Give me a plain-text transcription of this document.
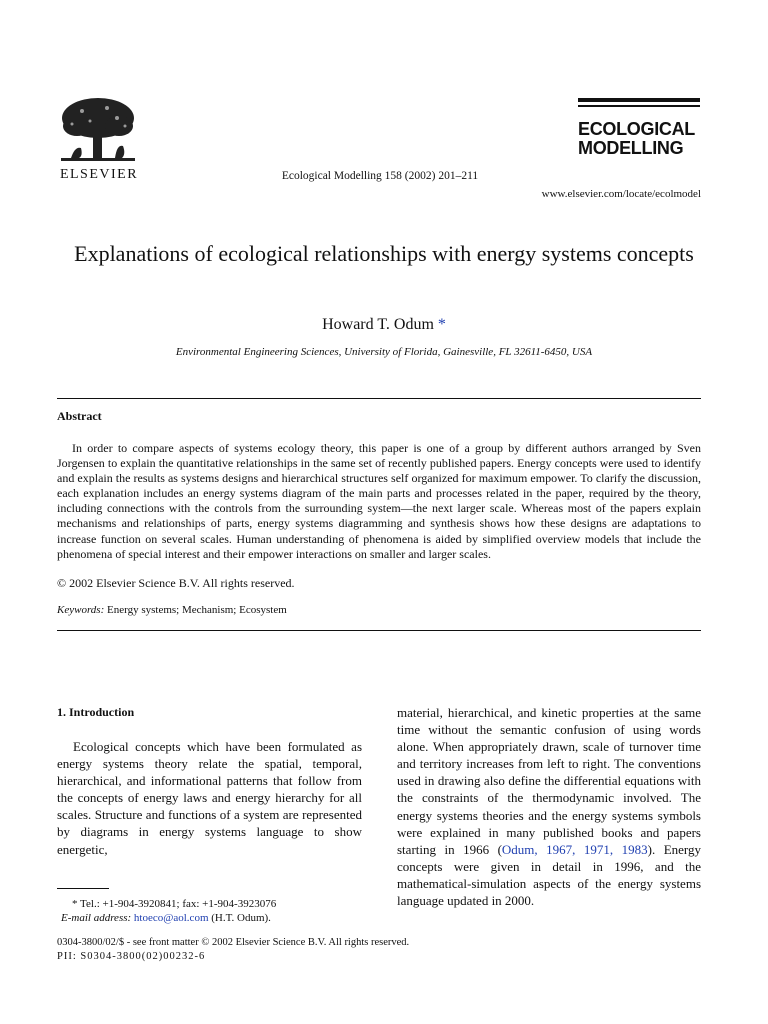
ELSEVIER	Ecological Modelling 158 (2002) 201–211
ECOLOGICAL
MODELLING
www.elsevier.com/locate/ecolmodel
Explanations of ecological relationships with energy systems concepts
Howard T. Odum *
Environmental Engineering Sciences, University of Florida, Gainesville, FL 32611-6450, USA
Abstract

In order to compare aspects of systems ecology theory, this paper is one of a group by different authors arranged by Sven Jorgensen to explain the quantitative relationships in the same set of recently published papers. Energy concepts were used to identify and explain the results as systems designs and hierarchical structures self organized for maximum empower. To clarify the discussion, each explanation includes an energy systems diagram of the main parts and processes related in the paper, required by the theory, including connections with the controls from the surrounding system—the next larger scale. Whereas most of the papers explain mechanisms and relationships of parts, energy systems diagramming and synthesis shows how these designs are adaptations to increase function on several scales. Human understanding of phenomena is aided by simplified overview models that include the phenomena of special interest and their empower interactions on smaller and larger scales.

© 2002 Elsevier Science B.V. All rights reserved.
Keywords: Energy systems; Mechanism; Ecosystem
1. Introduction

Ecological concepts which have been formulated as energy systems theory relate the spatial, temporal, hierarchical, and informational patterns that follow from the concepts of energy laws and energy hierarchy for all scales. Structure and functions of a system are represented by diagrams in energy systems language to show energetic,

material, hierarchical, and kinetic properties at the same time without the semantic confusion of using words alone. When appropriately drawn, scale of turnover time and territory increases from left to right. The conventions used in drawing also define the differential equations with the constraints of the thermodynamic involved. The energy systems theories and the energy systems symbols were explained in many published books and papers starting in 1966 (Odum, 1967, 1971, 1983). Energy concepts were given in detail in 1996, and the mathematical-simulation aspects of the energy systems language updated in 2000.

* Tel.: +1-904-3920841; fax: +1-904-3923076
E-mail address: htoeco@aol.com (H.T. Odum).
0304-3800/02/$ - see front matter © 2002 Elsevier Science B.V. All rights reserved.
PII: S0304-3800(02)00232-6
